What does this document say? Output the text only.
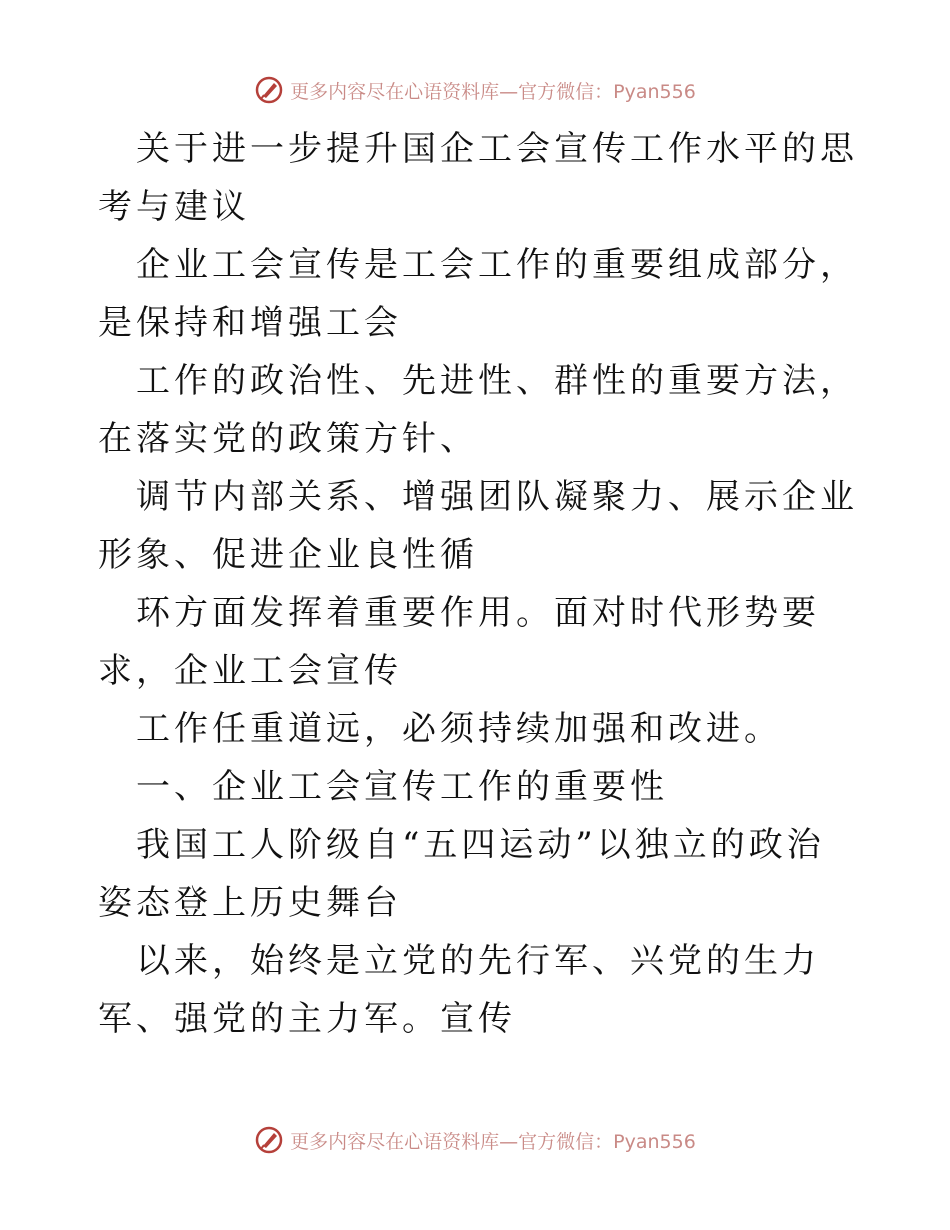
更多内容尽在心语资料库—官方微信：Pyan556

关于进一步提升国企工会宣传工作水平的思考与建议

企业工会宣传是工会工作的重要组成部分，是保持和增强工会

工作的政治性、先进性、群性的重要方法，在落实党的政策方针、

调节内部关系、增强团队凝聚力、展示企业形象、促进企业良性循

环方面发挥着重要作用。面对时代形势要求，企业工会宣传

工作任重道远，必须持续加强和改进。

一、企业工会宣传工作的重要性

我国工人阶级自“五四运动”以独立的政治姿态登上历史舞台

以来，始终是立党的先行军、兴党的生力军、强党的主力军。宣传

更多内容尽在心语资料库—官方微信：Pyan556
